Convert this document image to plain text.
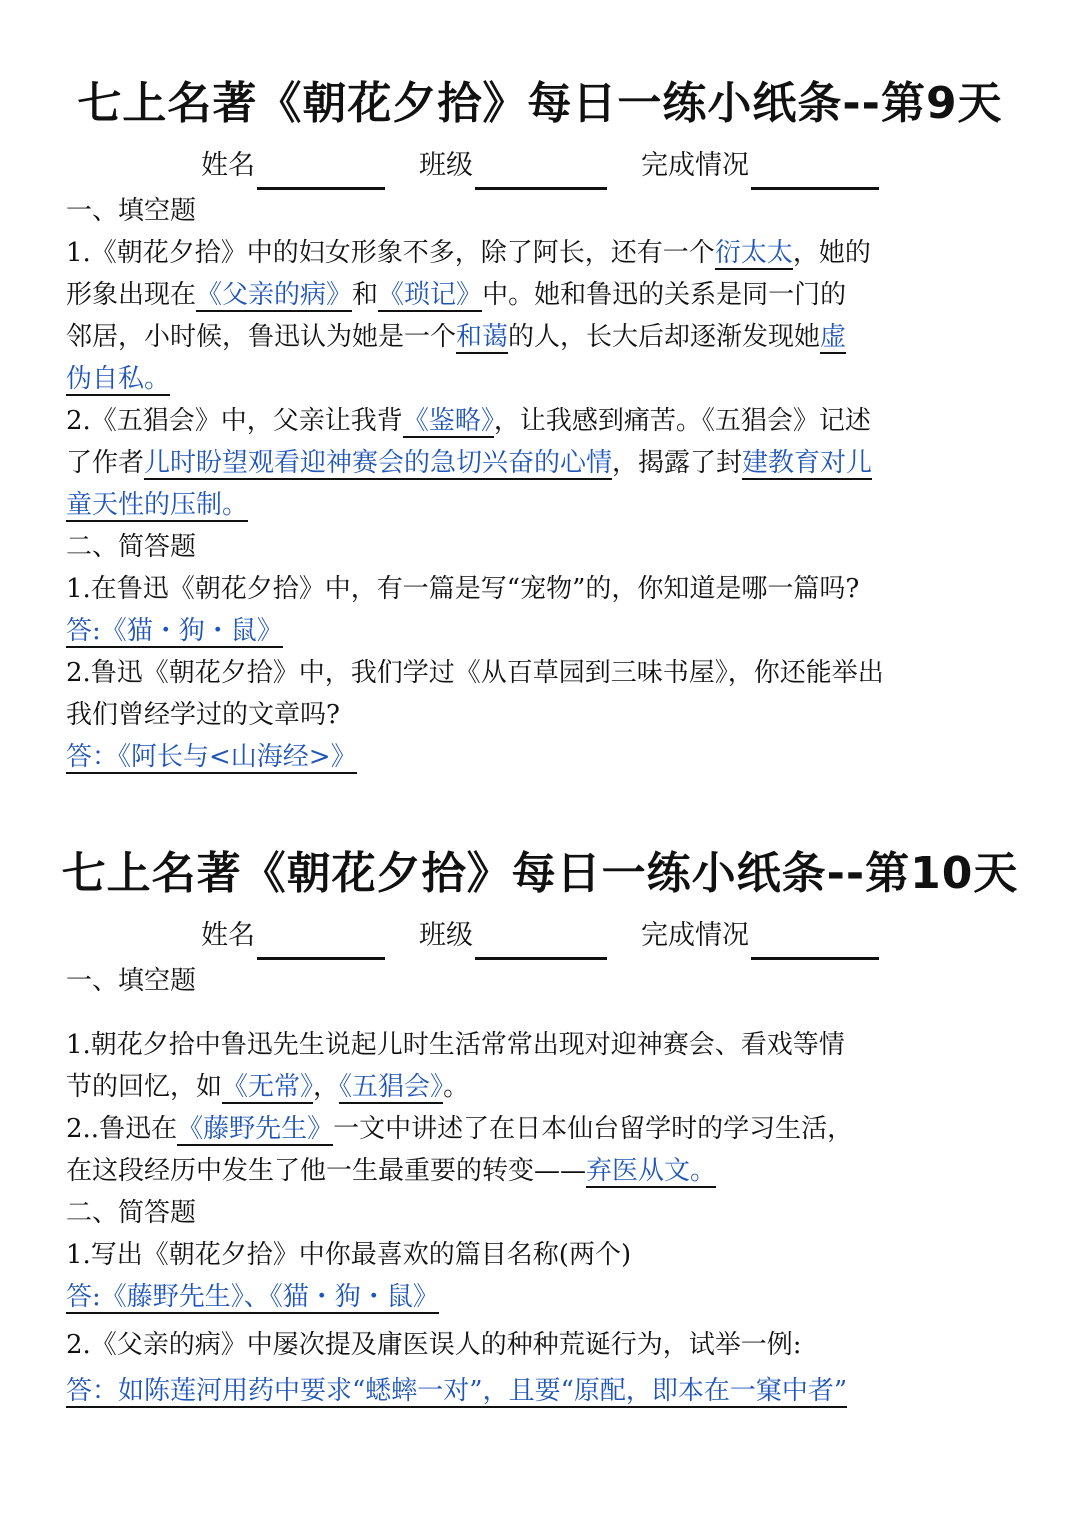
七上名著《朝花夕拾》每日一练小纸条--第9天
姓名	班级	完成情况
一、填空题
1.《朝花夕拾》中的妇女形象不多，除了阿长，还有一个衍太太，她的
形象出现在《父亲的病》和《琐记》中。她和鲁迅的关系是同一门的
邻居，小时候，鲁迅认为她是一个和蔼的人，长大后却逐渐发现她虚
伪自私。
2.《五猖会》中，父亲让我背《鉴略》，让我感到痛苦。《五猖会》记述
了作者儿时盼望观看迎神赛会的急切兴奋的心情，揭露了封建教育对儿
童天性的压制。
二、简答题
1.在鲁迅《朝花夕拾》中，有一篇是写“宠物”的，你知道是哪一篇吗?
答:《猫・狗・鼠》
2.鲁迅《朝花夕拾》中，我们学过《从百草园到三味书屋》，你还能举出
我们曾经学过的文章吗?
答：《阿长与<山海经>》
七上名著《朝花夕拾》每日一练小纸条--第10天
姓名	班级	完成情况
一、填空题
1.朝花夕拾中鲁迅先生说起儿时生活常常出现对迎神赛会、看戏等情
节的回忆，如《无常》，《五猖会》。
2..鲁迅在《藤野先生》一文中讲述了在日本仙台留学时的学习生活，
在这段经历中发生了他一生最重要的转变——弃医从文。
二、简答题
1.写出《朝花夕拾》中你最喜欢的篇目名称(两个)
答:《藤野先生》、《猫・狗・鼠》
2.《父亲的病》中屡次提及庸医误人的种种荒诞行为，试举一例:
答：如陈莲河用药中要求“蟋蟀一对”，且要“原配，即本在一窠中者”
